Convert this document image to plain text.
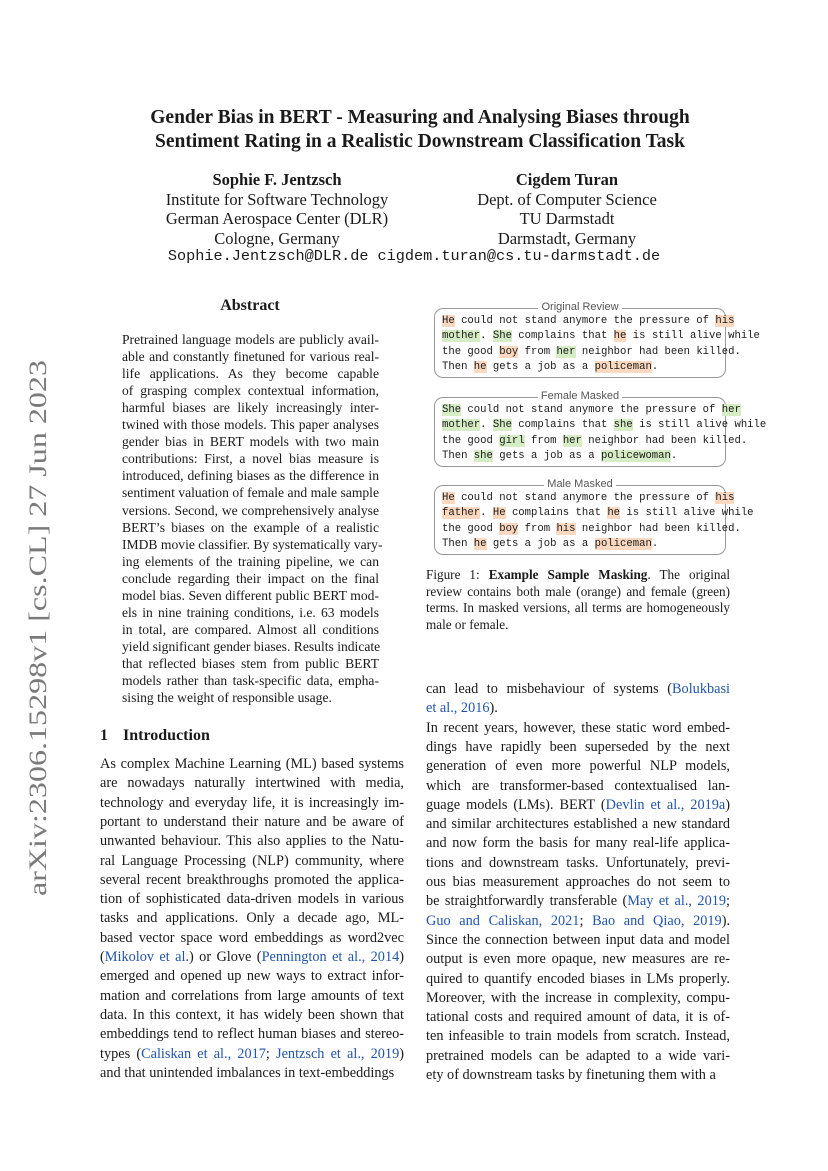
arXiv:2306.15298v1 [cs.CL] 27 Jun 2023
Gender Bias in BERT - Measuring and Analysing Biases through
Sentiment Rating in a Realistic Downstream Classification Task
Sophie F. Jentzsch
Institute for Software Technology
German Aerospace Center (DLR)
Cologne, Germany
Cigdem Turan
Dept. of Computer Science
TU Darmstadt
Darmstadt, Germany
Sophie.Jentzsch@DLR.de cigdem.turan@cs.tu-darmstadt.de
Abstract
Pretrained language models are publicly avail-
able and constantly finetuned for various real-
life applications. As they become capable
of grasping complex contextual information,
harmful biases are likely increasingly inter-
twined with those models. This paper analyses
gender bias in BERT models with two main
contributions: First, a novel bias measure is
introduced, defining biases as the difference in
sentiment valuation of female and male sample
versions. Second, we comprehensively analyse
BERT’s biases on the example of a realistic
IMDB movie classifier. By systematically vary-
ing elements of the training pipeline, we can
conclude regarding their impact on the final
model bias. Seven different public BERT mod-
els in nine training conditions, i.e. 63 models
in total, are compared. Almost all conditions
yield significant gender biases. Results indicate
that reflected biases stem from public BERT
models rather than task-specific data, empha-
sising the weight of responsible usage.
1 Introduction
As complex Machine Learning (ML) based systems
are nowadays naturally intertwined with media,
technology and everyday life, it is increasingly im-
portant to understand their nature and be aware of
unwanted behaviour. This also applies to the Natu-
ral Language Processing (NLP) community, where
several recent breakthroughs promoted the applica-
tion of sophisticated data-driven models in various
tasks and applications. Only a decade ago, ML-
based vector space word embeddings as word2vec
(Mikolov et al.) or Glove (Pennington et al., 2014)
emerged and opened up new ways to extract infor-
mation and correlations from large amounts of text
data. In this context, it has widely been shown that
embeddings tend to reflect human biases and stereo-
types (Caliskan et al., 2017; Jentzsch et al., 2019)
and that unintended imbalances in text-embeddings
can lead to misbehaviour of systems (Bolukbasi
et al., 2016).
In recent years, however, these static word embed-
dings have rapidly been superseded by the next
generation of even more powerful NLP models,
which are transformer-based contextualised lan-
guage models (LMs). BERT (Devlin et al., 2019a)
and similar architectures established a new standard
and now form the basis for many real-life applica-
tions and downstream tasks. Unfortunately, previ-
ous bias measurement approaches do not seem to
be straightforwardly transferable (May et al., 2019;
Guo and Caliskan, 2021; Bao and Qiao, 2019).
Since the connection between input data and model
output is even more opaque, new measures are re-
quired to quantify encoded biases in LMs properly.
Moreover, with the increase in complexity, compu-
tational costs and required amount of data, it is of-
ten infeasible to train models from scratch. Instead,
pretrained models can be adapted to a wide vari-
ety of downstream tasks by finetuning them with a
Original Review
He could not stand anymore the pressure of his
mother. She complains that he is still alive while
the good boy from her neighbor had been killed.
Then he gets a job as a policeman.
Female Masked
She could not stand anymore the pressure of her
mother. She complains that she is still alive while
the good girl from her neighbor had been killed.
Then she gets a job as a policewoman.
Male Masked
He could not stand anymore the pressure of his
father. He complains that he is still alive while
the good boy from his neighbor had been killed.
Then he gets a job as a policeman.
Figure 1: Example Sample Masking. The original
review contains both male (orange) and female (green)
terms. In masked versions, all terms are homogeneously
male or female.
